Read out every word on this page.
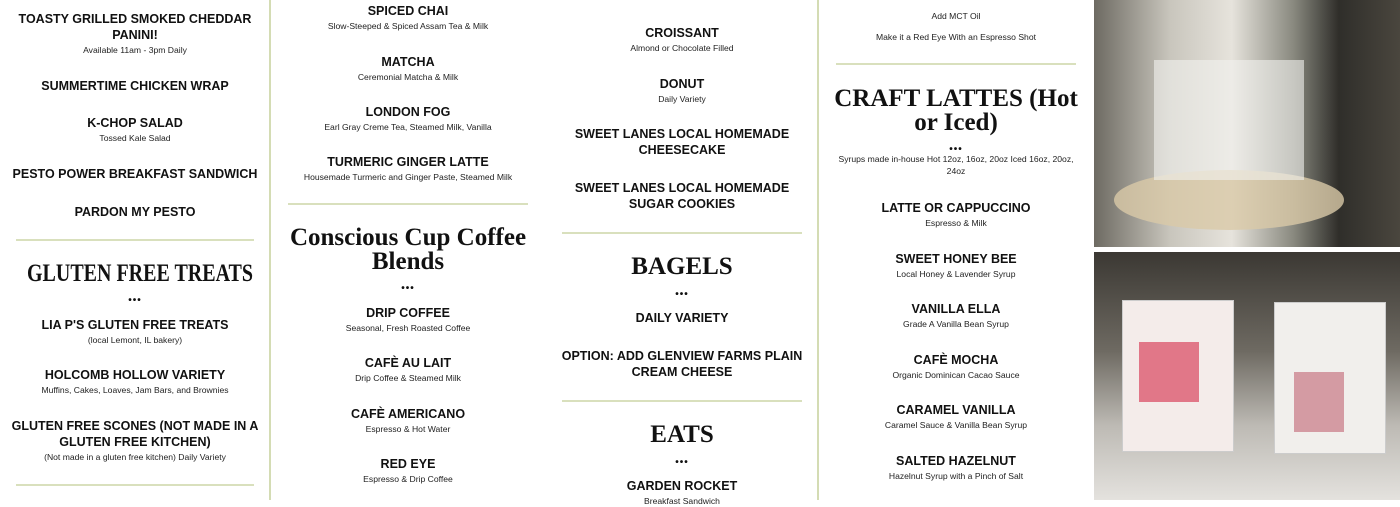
TOASTY GRILLED SMOKED CHEDDAR PANINI!
Available 11am - 3pm Daily
SUMMERTIME CHICKEN WRAP
K-CHOP SALAD
Tossed Kale Salad
PESTO POWER BREAKFAST SANDWICH
PARDON MY PESTO
GLUTEN FREE TREATS
•••
LIA P'S GLUTEN FREE TREATS
(local Lemont, IL bakery)
HOLCOMB HOLLOW VARIETY
Muffins, Cakes, Loaves, Jam Bars, and Brownies
GLUTEN FREE SCONES (NOT MADE IN A GLUTEN FREE KITCHEN)
(Not made in a gluten free kitchen) Daily Variety
SPICED CHAI
Slow-Steeped & Spiced Assam Tea & Milk
MATCHA
Ceremonial Matcha & Milk
LONDON FOG
Earl Gray Creme Tea, Steamed Milk, Vanilla
TURMERIC GINGER LATTE
Housemade Turmeric and Ginger Paste, Steamed Milk
Conscious Cup Coffee Blends
•••
DRIP COFFEE
Seasonal, Fresh Roasted Coffee
CAFÈ AU LAIT
Drip Coffee & Steamed Milk
CAFÈ AMERICANO
Espresso & Hot Water
RED EYE
Espresso & Drip Coffee
CROISSANT
Almond or Chocolate Filled
DONUT
Daily Variety
SWEET LANES LOCAL HOMEMADE CHEESECAKE
SWEET LANES LOCAL HOMEMADE SUGAR COOKIES
BAGELS
•••
DAILY VARIETY
OPTION: ADD GLENVIEW FARMS PLAIN CREAM CHEESE
EATS
•••
GARDEN ROCKET
Breakfast Sandwich
Add MCT Oil
Make it a Red Eye With an Espresso Shot
CRAFT LATTES (Hot or Iced)
•••
Syrups made in-house Hot 12oz, 16oz, 20oz Iced 16oz, 20oz, 24oz
LATTE OR CAPPUCCINO
Espresso & Milk
SWEET HONEY BEE
Local Honey & Lavender Syrup
VANILLA ELLA
Grade A Vanilla Bean Syrup
CAFÈ MOCHA
Organic Dominican Cacao Sauce
CARAMEL VANILLA
Caramel Sauce & Vanilla Bean Syrup
SALTED HAZELNUT
Hazelnut Syrup with a Pinch of Salt
